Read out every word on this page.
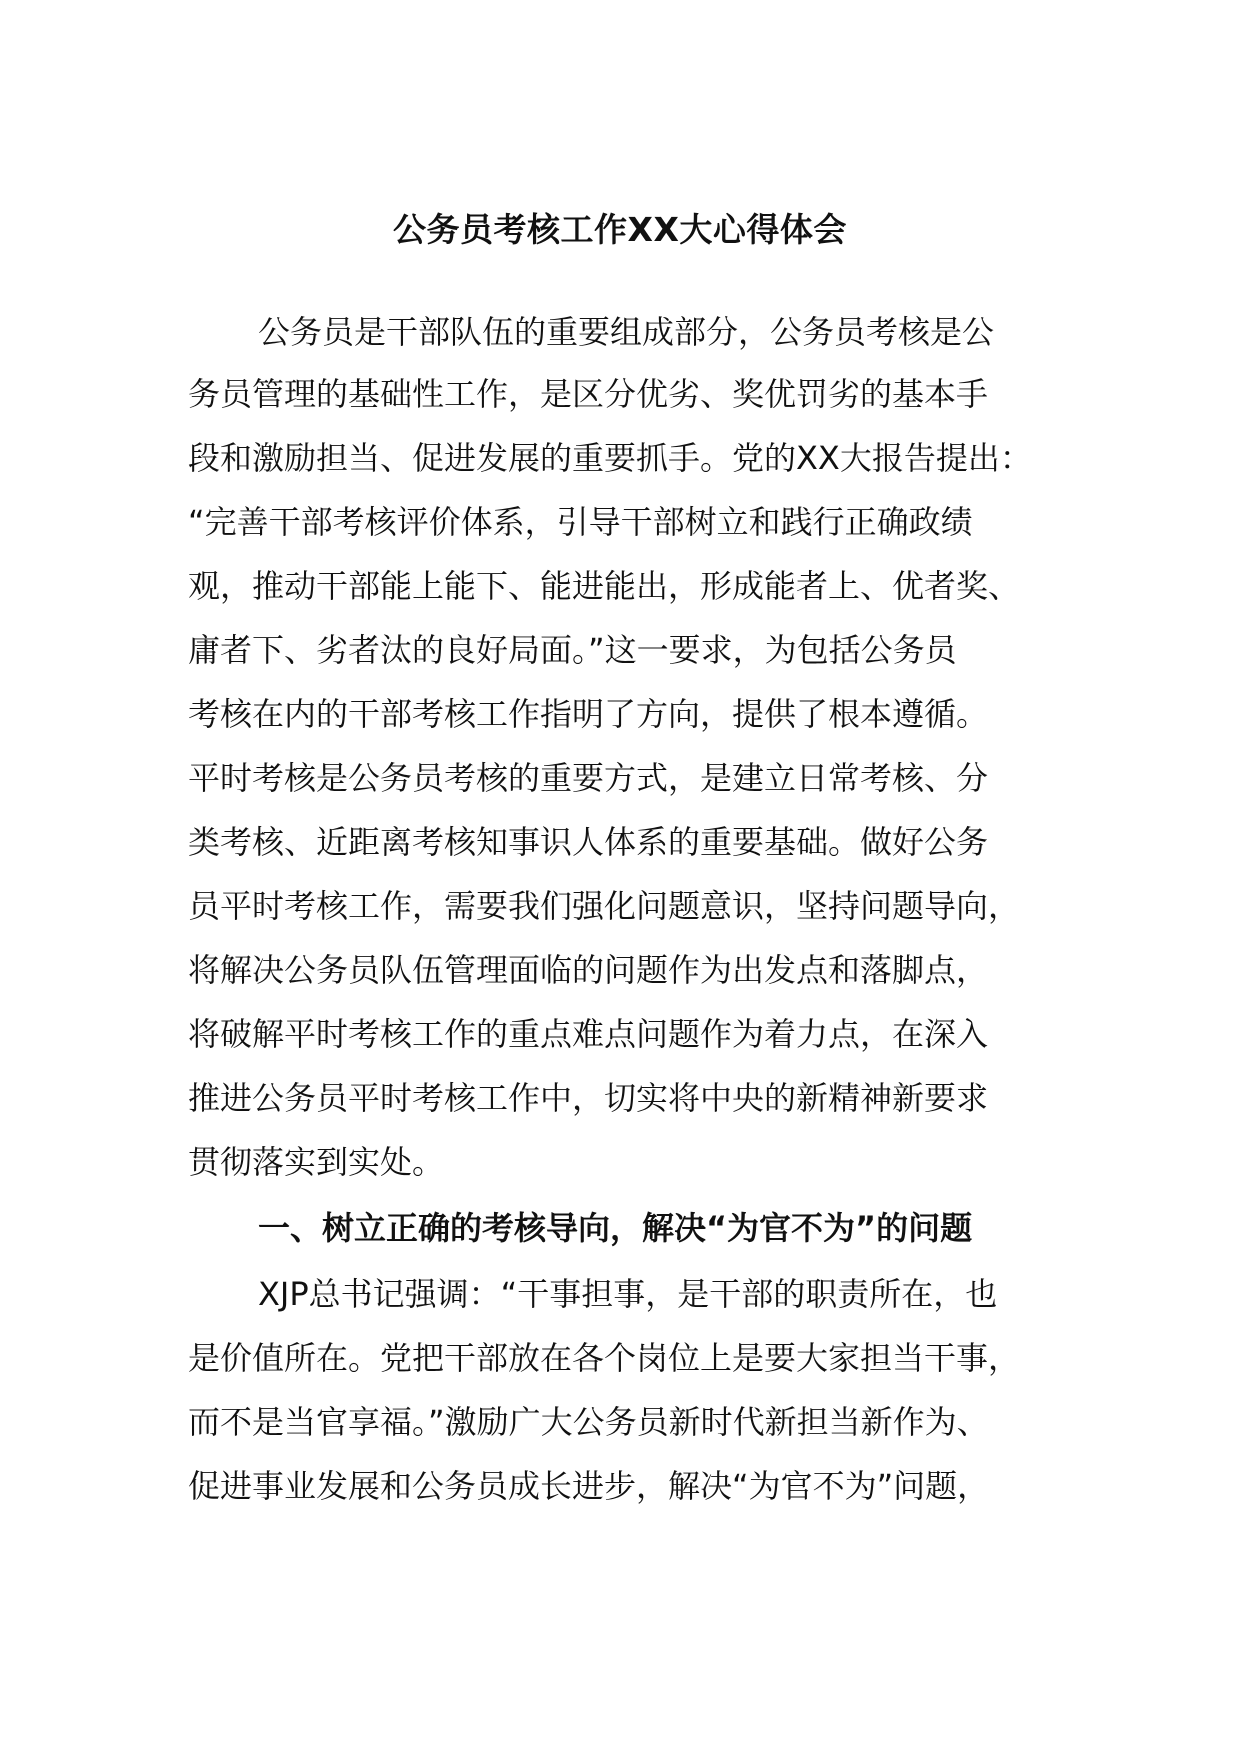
公务员考核工作XX大心得体会
公务员是干部队伍的重要组成部分，公务员考核是公
务员管理的基础性工作，是区分优劣、奖优罚劣的基本手
段和激励担当、促进发展的重要抓手。党的XX大报告提出：
“完善干部考核评价体系，引导干部树立和践行正确政绩
观，推动干部能上能下、能进能出，形成能者上、优者奖、
庸者下、劣者汰的良好局面。”这一要求，为包括公务员
考核在内的干部考核工作指明了方向，提供了根本遵循。
平时考核是公务员考核的重要方式，是建立日常考核、分
类考核、近距离考核知事识人体系的重要基础。做好公务
员平时考核工作，需要我们强化问题意识，坚持问题导向，
将解决公务员队伍管理面临的问题作为出发点和落脚点，
将破解平时考核工作的重点难点问题作为着力点，在深入
推进公务员平时考核工作中，切实将中央的新精神新要求
贯彻落实到实处。
一、树立正确的考核导向，解决“为官不为”的问题
XJP总书记强调：“干事担事，是干部的职责所在，也
是价值所在。党把干部放在各个岗位上是要大家担当干事，
而不是当官享福。”激励广大公务员新时代新担当新作为、
促进事业发展和公务员成长进步，解决“为官不为”问题，
